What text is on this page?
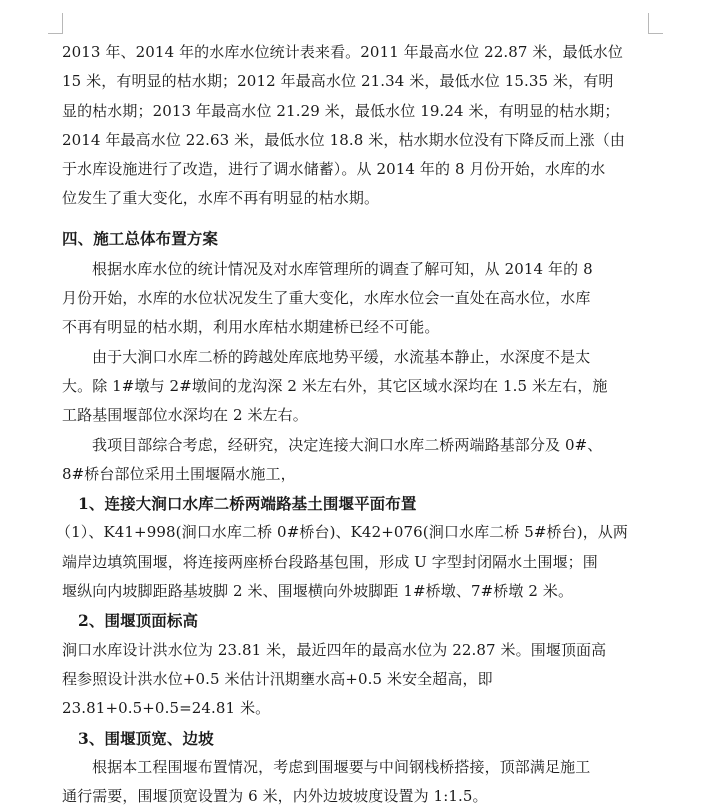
2013 年、2014 年的水库水位统计表来看。2011 年最高水位 22.87 米，最低水位
15 米，有明显的枯水期；2012 年最高水位 21.34 米，最低水位 15.35 米，有明
显的枯水期；2013 年最高水位 21.29 米，最低水位 19.24 米，有明显的枯水期；
2014 年最高水位 22.63 米，最低水位 18.8 米，枯水期水位没有下降反而上涨（由
于水库设施进行了改造，进行了调水储蓄）。从 2014 年的 8 月份开始，水库的水
位发生了重大变化，水库不再有明显的枯水期。
四、施工总体布置方案
根据水库水位的统计情况及对水库管理所的调查了解可知，从 2014 年的 8
月份开始，水库的水位状况发生了重大变化，水库水位会一直处在高水位，水库
不再有明显的枯水期，利用水库枯水期建桥已经不可能。
由于大涧口水库二桥的跨越处库底地势平缓，水流基本静止，水深度不是太
大。除 1#墩与 2#墩间的龙沟深 2 米左右外，其它区域水深均在 1.5 米左右，施
工路基围堰部位水深均在 2 米左右。
我项目部综合考虑，经研究，决定连接大涧口水库二桥两端路基部分及 0#、
8#桥台部位采用土围堰隔水施工，
1、连接大涧口水库二桥两端路基土围堰平面布置
（1）、K41+998(涧口水库二桥 0#桥台)、K42+076(涧口水库二桥 5#桥台)，从两
端岸边填筑围堰，将连接两座桥台段路基包围，形成 U 字型封闭隔水土围堰；围
堰纵向内坡脚距路基坡脚 2 米、围堰横向外坡脚距 1#桥墩、7#桥墩 2 米。
2、围堰顶面标高
涧口水库设计洪水位为 23.81 米，最近四年的最高水位为 22.87 米。围堰顶面高
程参照设计洪水位+0.5 米估计汛期壅水高+0.5 米安全超高，即
23.81+0.5+0.5=24.81 米。
3、围堰顶宽、边坡
根据本工程围堰布置情况，考虑到围堰要与中间钢栈桥搭接，顶部满足施工
通行需要，围堰顶宽设置为 6 米，内外边坡坡度设置为 1:1.5。
